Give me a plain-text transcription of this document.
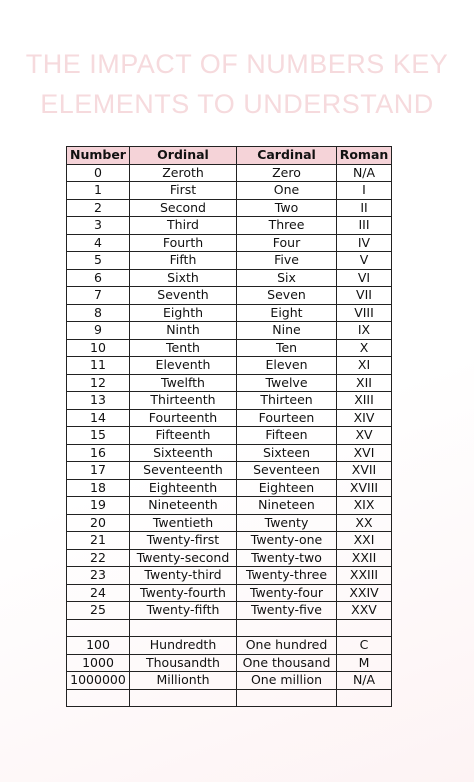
THE IMPACT OF NUMBERS KEY
ELEMENTS TO UNDERSTAND
Number	Ordinal	Cardinal	Roman
0	Zeroth	Zero	N/A
1	First	One	I
2	Second	Two	II
3	Third	Three	III
4	Fourth	Four	IV
5	Fifth	Five	V
6	Sixth	Six	VI
7	Seventh	Seven	VII
8	Eighth	Eight	VIII
9	Ninth	Nine	IX
10	Tenth	Ten	X
11	Eleventh	Eleven	XI
12	Twelfth	Twelve	XII
13	Thirteenth	Thirteen	XIII
14	Fourteenth	Fourteen	XIV
15	Fifteenth	Fifteen	XV
16	Sixteenth	Sixteen	XVI
17	Seventeenth	Seventeen	XVII
18	Eighteenth	Eighteen	XVIII
19	Nineteenth	Nineteen	XIX
20	Twentieth	Twenty	XX
21	Twenty-first	Twenty-one	XXI
22	Twenty-second	Twenty-two	XXII
23	Twenty-third	Twenty-three	XXIII
24	Twenty-fourth	Twenty-four	XXIV
25	Twenty-fifth	Twenty-five	XXV

100	Hundredth	One hundred	C
1000	Thousandth	One thousand	M
1000000	Millionth	One million	N/A
